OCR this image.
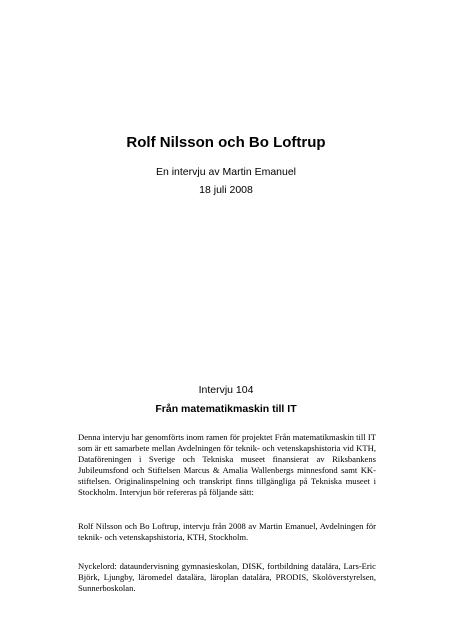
Rolf Nilsson och Bo Loftrup
En intervju av Martin Emanuel
18 juli 2008
Intervju 104
Från matematikmaskin till IT

Denna intervju har genomförts inom ramen för projektet Från matematikmaskin till IT som är ett samarbete mellan Avdelningen för teknik- och vetenskapshistoria vid KTH, Dataföreningen i Sverige och Tekniska museet finansierat av Riksbankens Jubileumsfond och Stiftelsen Marcus & Amalia Wallenbergs minnesfond samt KK-stiftelsen. Originalinspelning och transkript finns tillgängliga på Tekniska museet i Stockholm. Intervjun bör refereras på följande sätt:

Rolf Nilsson och Bo Loftrup, intervju från 2008 av Martin Emanuel, Avdelningen för teknik- och vetenskapshistoria, KTH, Stockholm.

Nyckelord: dataundervisning gymnasieskolan, DISK, fortbildning datalära, Lars-Eric Björk, Ljungby, läromedel datalära, läroplan datalära, PRODIS, Skolöverstyrelsen, Sunnerboskolan.
